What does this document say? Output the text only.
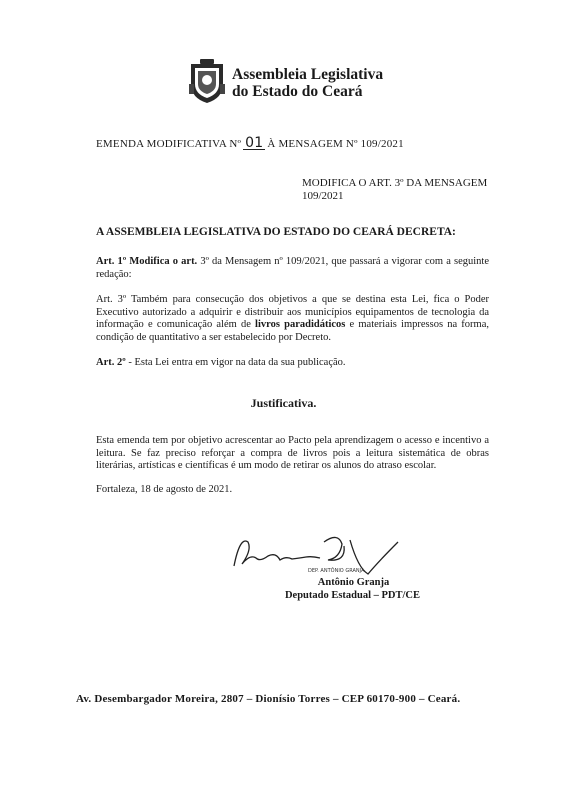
Assembleia Legislativa
do Estado do Ceará
EMENDA MODIFICATIVA Nº 01 À MENSAGEM Nº 109/2021
MODIFICA O ART. 3º DA MENSAGEM 109/2021
A ASSEMBLEIA LEGISLATIVA DO ESTADO DO CEARÁ DECRETA:
Art. 1º Modifica o art. 3º da Mensagem nº 109/2021, que passará a vigorar com a seguinte redação:
Art. 3º Também para consecução dos objetivos a que se destina esta Lei, fica o Poder Executivo autorizado a adquirir e distribuir aos municípios equipamentos de tecnologia da informação e comunicação além de livros paradidáticos e materiais impressos na forma, condição de quantitativo a ser estabelecido por Decreto.
Art. 2º - Esta Lei entra em vigor na data da sua publicação.
Justificativa.
Esta emenda tem por objetivo acrescentar ao Pacto pela aprendizagem o acesso e incentivo a leitura. Se faz preciso reforçar a compra de livros pois a leitura sistemática de obras literárias, artísticas e científicas é um modo de retirar os alunos do atraso escolar.
Fortaleza, 18 de agosto de 2021.
DEP. ANTÔNIO GRANJA
Antônio Granja
Deputado Estadual – PDT/CE
Av. Desembargador Moreira, 2807 – Dionísio Torres – CEP 60170-900 – Ceará.
